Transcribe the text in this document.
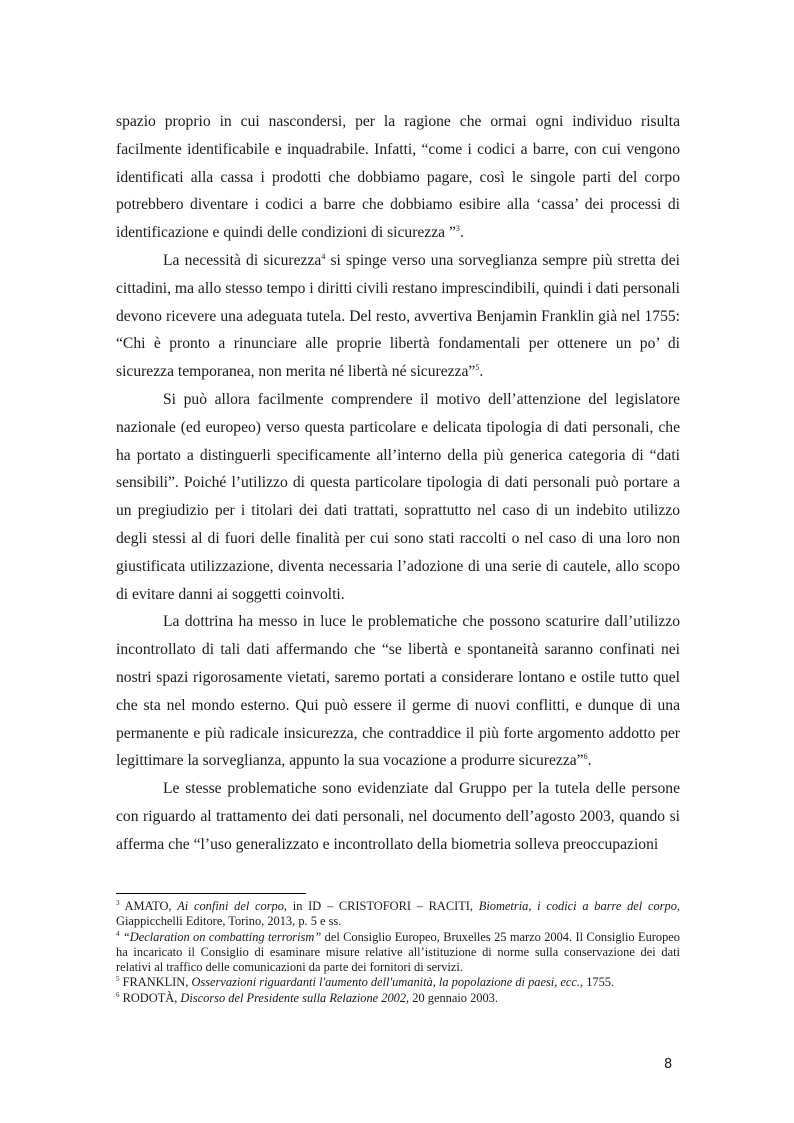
spazio proprio in cui nascondersi, per la ragione che ormai ogni individuo risulta facilmente identificabile e inquadrabile. Infatti, “come i codici a barre, con cui vengono identificati alla cassa i prodotti che dobbiamo pagare, così le singole parti del corpo potrebbero diventare i codici a barre che dobbiamo esibire alla ‘cassa’ dei processi di identificazione e quindi delle condizioni di sicurezza ”$^3$.

La necessità di sicurezza$^4$ si spinge verso una sorveglianza sempre più stretta dei cittadini, ma allo stesso tempo i diritti civili restano imprescindibili, quindi i dati personali devono ricevere una adeguata tutela. Del resto, avvertiva Benjamin Franklin già nel 1755: “Chi è pronto a rinunciare alle proprie libertà fondamentali per ottenere un po’ di sicurezza temporanea, non merita né libertà né sicurezza”$^5$.

Si può allora facilmente comprendere il motivo dell’attenzione del legislatore nazionale (ed europeo) verso questa particolare e delicata tipologia di dati personali, che ha portato a distinguerli specificamente all’interno della più generica categoria di “dati sensibili”. Poiché l’utilizzo di questa particolare tipologia di dati personali può portare a un pregiudizio per i titolari dei dati trattati, soprattutto nel caso di un indebito utilizzo degli stessi al di fuori delle finalità per cui sono stati raccolti o nel caso di una loro non giustificata utilizzazione, diventa necessaria l’adozione di una serie di cautele, allo scopo di evitare danni ai soggetti coinvolti.

La dottrina ha messo in luce le problematiche che possono scaturire dall’utilizzo incontrollato di tali dati affermando che “se libertà e spontaneità saranno confinati nei nostri spazi rigorosamente vietati, saremo portati a considerare lontano e ostile tutto quel che sta nel mondo esterno. Qui può essere il germe di nuovi conflitti, e dunque di una permanente e più radicale insicurezza, che contraddice il più forte argomento addotto per legittimare la sorveglianza, appunto la sua vocazione a produrre sicurezza”$^6$.

Le stesse problematiche sono evidenziate dal Gruppo per la tutela delle persone con riguardo al trattamento dei dati personali, nel documento dell’agosto 2003, quando si afferma che “l’uso generalizzato e incontrollato della biometria solleva preoccupazioni

$^3$ AMATO, Ai confini del corpo, in ID – CRISTOFORI – RACITI, Biometria, i codici a barre del corpo, Giappicchelli Editore, Torino, 2013, p. 5 e ss.

$^4$ “Declaration on combatting terrorism” del Consiglio Europeo, Bruxelles 25 marzo 2004. Il Consiglio Europeo ha incaricato il Consiglio di esaminare misure relative all’istituzione di norme sulla conservazione dei dati relativi al traffico delle comunicazioni da parte dei fornitori di servizi.

$^5$ FRANKLIN, Osservazioni riguardanti l'aumento dell'umanità, la popolazione di paesi, ecc., 1755.

$^6$ RODOTÀ, Discorso del Presidente sulla Relazione 2002, 20 gennaio 2003.

8
